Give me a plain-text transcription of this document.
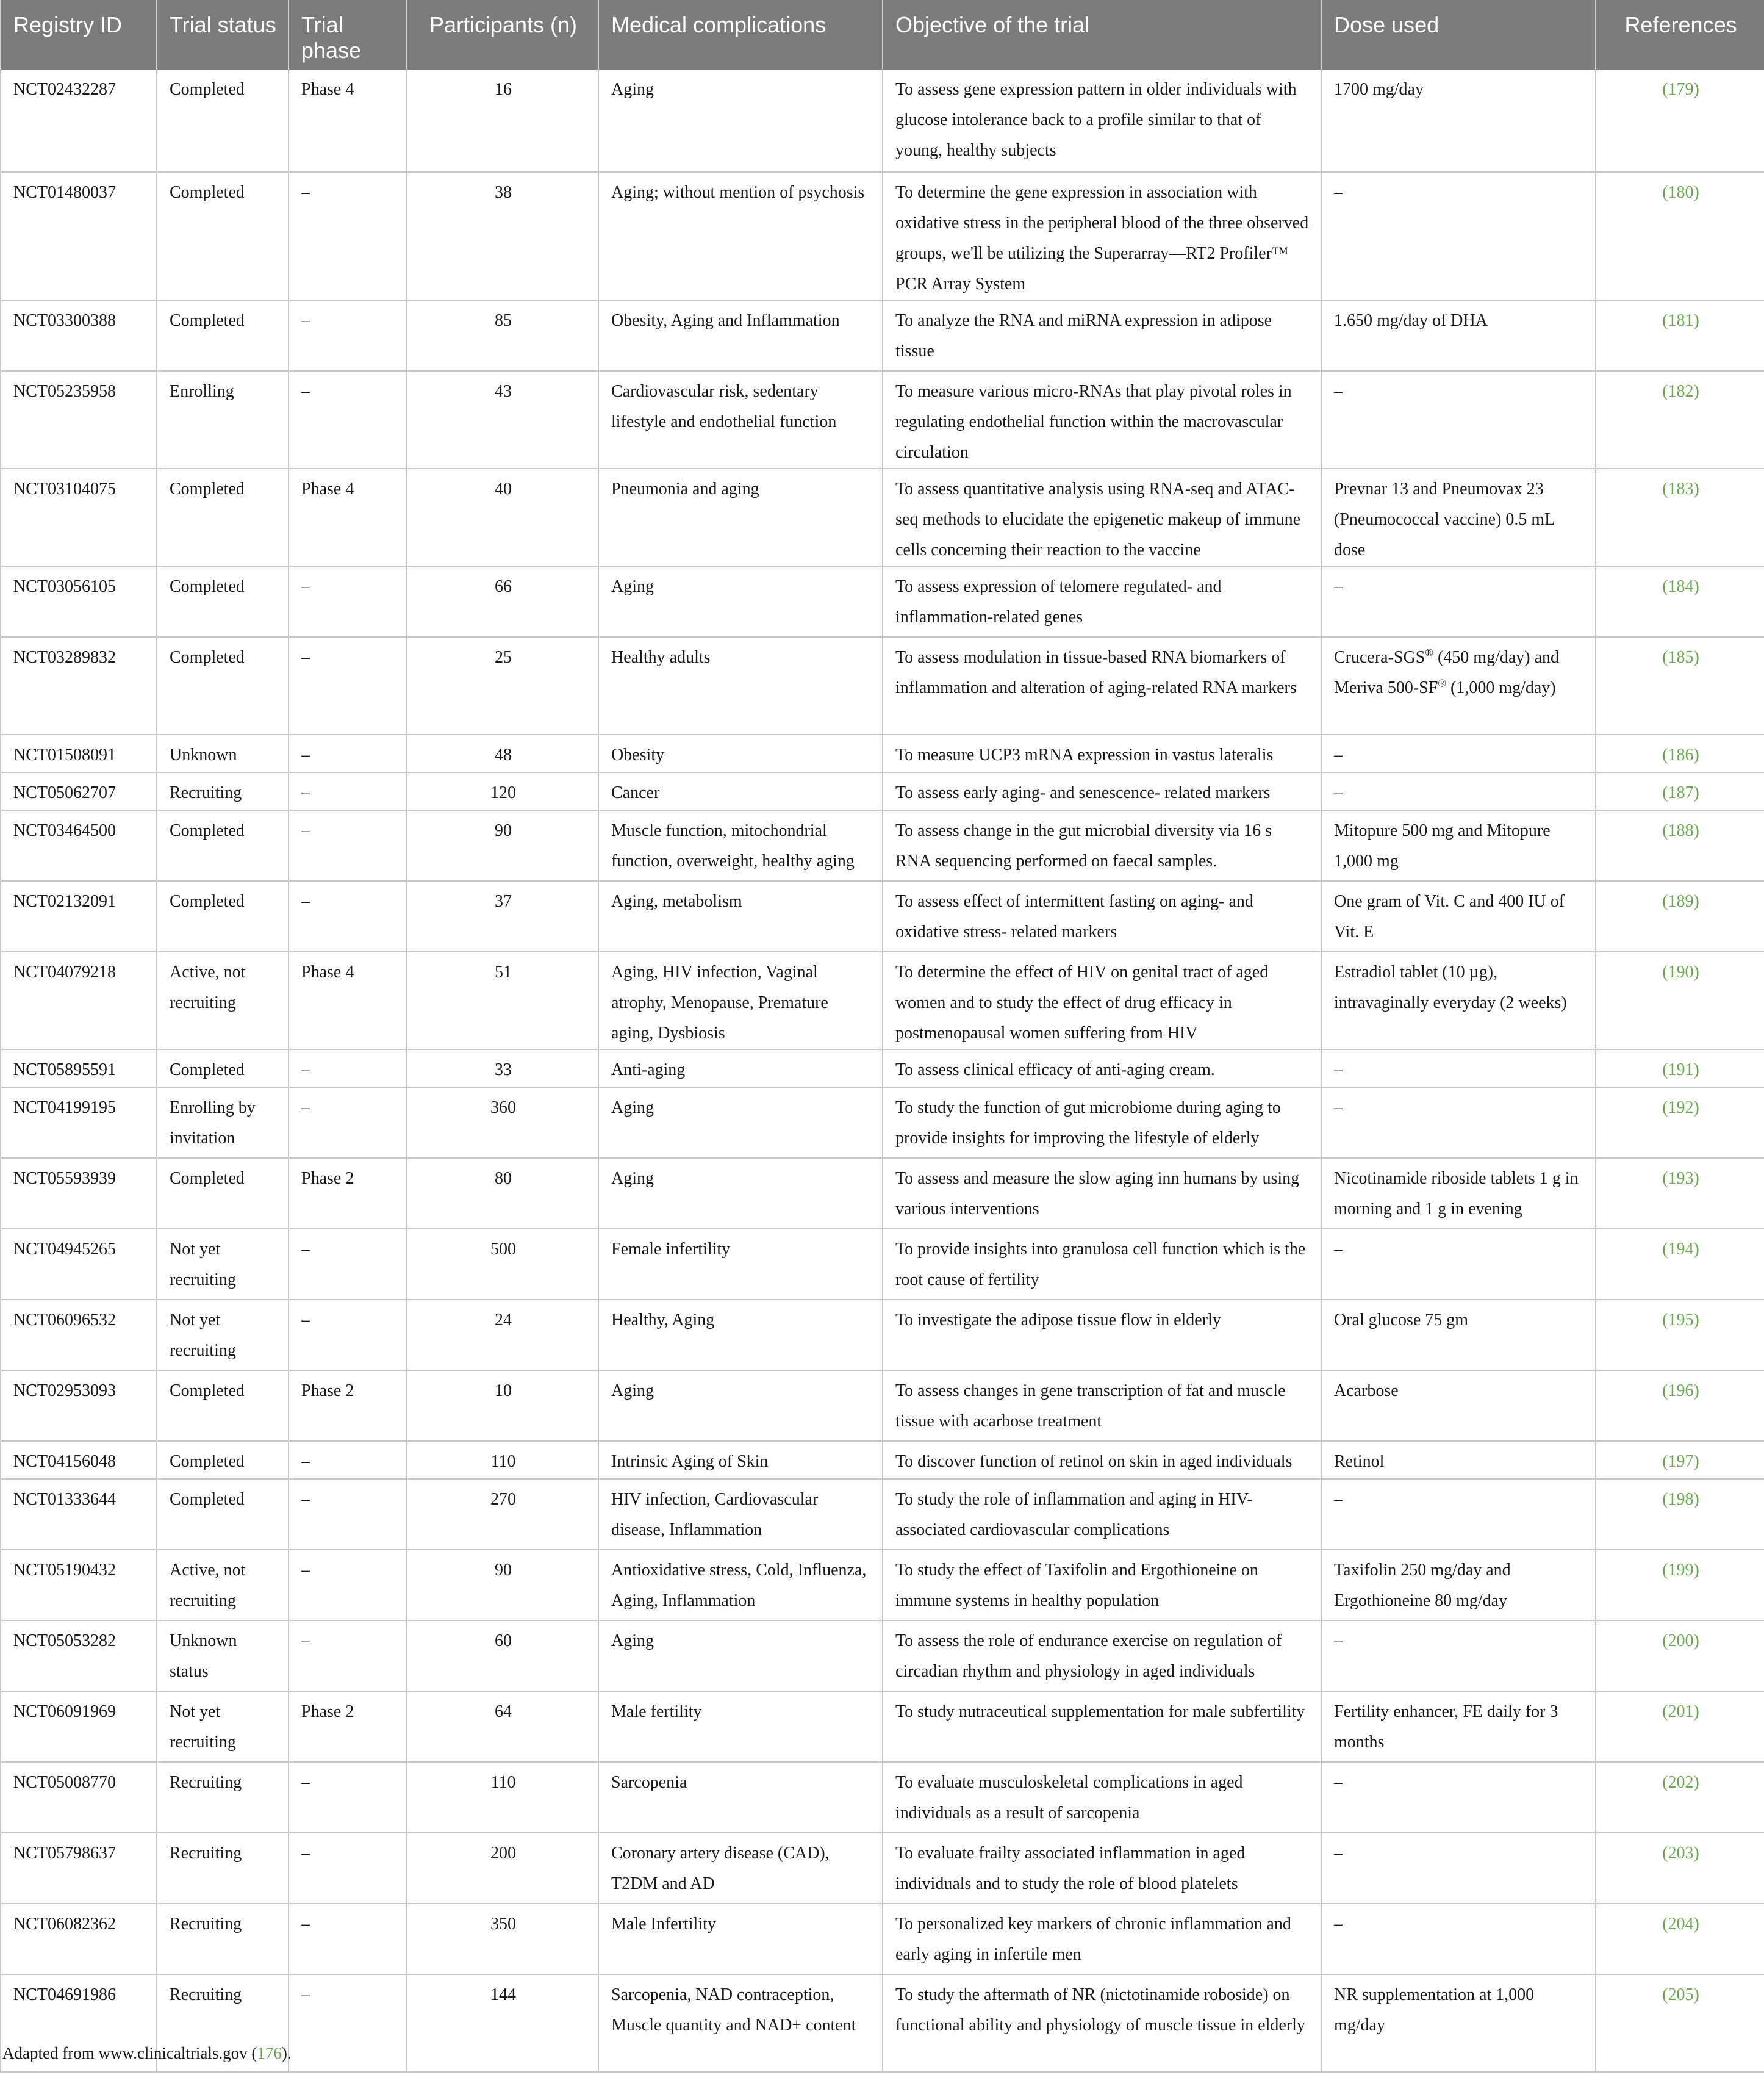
Registry ID	Trial status	Trial phase	Participants (n)	Medical complications	Objective of the trial	Dose used	References
NCT02432287	Completed	Phase 4	16	Aging	To assess gene expression pattern in older individuals with glucose intolerance back to a profile similar to that of young, healthy subjects	1700 mg/day	(179)
NCT01480037	Completed	–	38	Aging; without mention of psychosis	To determine the gene expression in association with oxidative stress in the peripheral blood of the three observed groups, we'll be utilizing the Superarray—RT2 Profiler™ PCR Array System	–	(180)
NCT03300388	Completed	–	85	Obesity, Aging and Inflammation	To analyze the RNA and miRNA expression in adipose tissue	1.650 mg/day of DHA	(181)
NCT05235958	Enrolling	–	43	Cardiovascular risk, sedentary lifestyle and endothelial function	To measure various micro-RNAs that play pivotal roles in regulating endothelial function within the macrovascular circulation	–	(182)
NCT03104075	Completed	Phase 4	40	Pneumonia and aging	To assess quantitative analysis using RNA-seq and ATAC-seq methods to elucidate the epigenetic makeup of immune cells concerning their reaction to the vaccine	Prevnar 13 and Pneumovax 23 (Pneumococcal vaccine) 0.5 mL dose	(183)
NCT03056105	Completed	–	66	Aging	To assess expression of telomere regulated- and inflammation-related genes	–	(184)
NCT03289832	Completed	–	25	Healthy adults	To assess modulation in tissue-based RNA biomarkers of inflammation and alteration of aging-related RNA markers	Crucera-SGS® (450 mg/day) and Meriva 500-SF® (1,000 mg/day)	(185)
NCT01508091	Unknown	–	48	Obesity	To measure UCP3 mRNA expression in vastus lateralis	–	(186)
NCT05062707	Recruiting	–	120	Cancer	To assess early aging- and senescence- related markers	–	(187)
NCT03464500	Completed	–	90	Muscle function, mitochondrial function, overweight, healthy aging	To assess change in the gut microbial diversity via 16 s RNA sequencing performed on faecal samples.	Mitopure 500 mg and Mitopure 1,000 mg	(188)
NCT02132091	Completed	–	37	Aging, metabolism	To assess effect of intermittent fasting on aging- and oxidative stress- related markers	One gram of Vit. C and 400 IU of Vit. E	(189)
NCT04079218	Active, not recruiting	Phase 4	51	Aging, HIV infection, Vaginal atrophy, Menopause, Premature aging, Dysbiosis	To determine the effect of HIV on genital tract of aged women and to study the effect of drug efficacy in postmenopausal women suffering from HIV	Estradiol tablet (10 µg), intravaginally everyday (2 weeks)	(190)
NCT05895591	Completed	–	33	Anti-aging	To assess clinical efficacy of anti-aging cream.	–	(191)
NCT04199195	Enrolling by invitation	–	360	Aging	To study the function of gut microbiome during aging to provide insights for improving the lifestyle of elderly	–	(192)
NCT05593939	Completed	Phase 2	80	Aging	To assess and measure the slow aging inn humans by using various interventions	Nicotinamide riboside tablets 1 g in morning and 1 g in evening	(193)
NCT04945265	Not yet recruiting	–	500	Female infertility	To provide insights into granulosa cell function which is the root cause of fertility	–	(194)
NCT06096532	Not yet recruiting	–	24	Healthy, Aging	To investigate the adipose tissue flow in elderly	Oral glucose 75 gm	(195)
NCT02953093	Completed	Phase 2	10	Aging	To assess changes in gene transcription of fat and muscle tissue with acarbose treatment	Acarbose	(196)
NCT04156048	Completed	–	110	Intrinsic Aging of Skin	To discover function of retinol on skin in aged individuals	Retinol	(197)
NCT01333644	Completed	–	270	HIV infection, Cardiovascular disease, Inflammation	To study the role of inflammation and aging in HIV-associated cardiovascular complications	–	(198)
NCT05190432	Active, not recruiting	–	90	Antioxidative stress, Cold, Influenza, Aging, Inflammation	To study the effect of Taxifolin and Ergothioneine on immune systems in healthy population	Taxifolin 250 mg/day and Ergothioneine 80 mg/day	(199)
NCT05053282	Unknown status	–	60	Aging	To assess the role of endurance exercise on regulation of circadian rhythm and physiology in aged individuals	–	(200)
NCT06091969	Not yet recruiting	Phase 2	64	Male fertility	To study nutraceutical supplementation for male subfertility	Fertility enhancer, FE daily for 3 months	(201)
NCT05008770	Recruiting	–	110	Sarcopenia	To evaluate musculoskeletal complications in aged individuals as a result of sarcopenia	–	(202)
NCT05798637	Recruiting	–	200	Coronary artery disease (CAD), T2DM and AD	To evaluate frailty associated inflammation in aged individuals and to study the role of blood platelets	–	(203)
NCT06082362	Recruiting	–	350	Male Infertility	To personalized key markers of chronic inflammation and early aging in infertile men	–	(204)
NCT04691986	Recruiting	–	144	Sarcopenia, NAD contraception, Muscle quantity and NAD+ content	To study the aftermath of NR (nictotinamide roboside) on functional ability and physiology of muscle tissue in elderly	NR supplementation at 1,000 mg/day	(205)
Adapted from www.clinicaltrials.gov (176).
